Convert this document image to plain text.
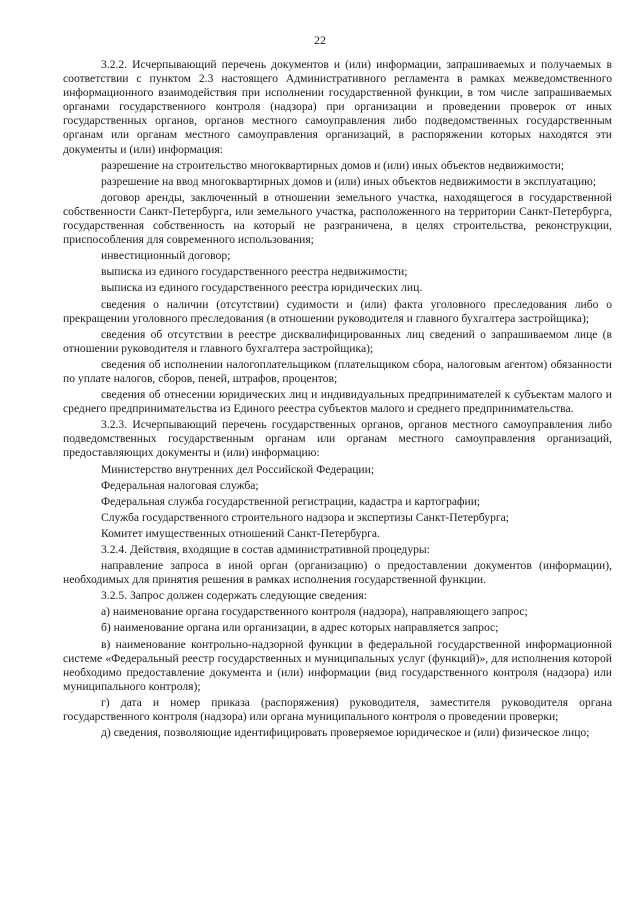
22

3.2.2. Исчерпывающий перечень документов и (или) информации, запрашиваемых и получаемых в соответствии с пунктом 2.3 настоящего Административного регламента в рамках межведомственного информационного взаимодействия при исполнении государственной функции, в том числе запрашиваемых органами государственного контроля (надзора) при организации и проведении проверок от иных государственных органов, органов местного самоуправления либо подведомственных государственным органам или органам местного самоуправления организаций, в распоряжении которых находятся эти документы и (или) информация:

разрешение на строительство многоквартирных домов и (или) иных объектов недвижимости;

разрешение на ввод многоквартирных домов и (или) иных объектов недвижимости в эксплуатацию;

договор аренды, заключенный в отношении земельного участка, находящегося в государственной собственности Санкт-Петербурга, или земельного участка, расположенного на территории Санкт-Петербурга, государственная собственность на который не разграничена, в целях строительства, реконструкции, приспособления для современного использования;

инвестиционный договор;

выписка из единого государственного реестра недвижимости;

выписка из единого государственного реестра юридических лиц.

сведения о наличии (отсутствии) судимости и (или) факта уголовного преследования либо о прекращении уголовного преследования (в отношении руководителя и главного бухгалтера застройщика);

сведения об отсутствии в реестре дисквалифицированных лиц сведений о запрашиваемом лице (в отношении руководителя и главного бухгалтера застройщика);

сведения об исполнении налогоплательщиком (плательщиком сбора, налоговым агентом) обязанности по уплате налогов, сборов, пеней, штрафов, процентов;

сведения об отнесении юридических лиц и индивидуальных предпринимателей к субъектам малого и среднего предпринимательства из Единого реестра субъектов малого и среднего предпринимательства.

3.2.3. Исчерпывающий перечень государственных органов, органов местного самоуправления либо подведомственных государственным органам или органам местного самоуправления организаций, предоставляющих документы и (или) информацию:

Министерство внутренних дел Российской Федерации;

Федеральная налоговая служба;

Федеральная служба государственной регистрации, кадастра и картографии;

Служба государственного строительного надзора и экспертизы Санкт-Петербурга;

Комитет имущественных отношений Санкт-Петербурга.

3.2.4. Действия, входящие в состав административной процедуры:

направление запроса в иной орган (организацию) о предоставлении документов (информации), необходимых для принятия решения в рамках исполнения государственной функции.

3.2.5. Запрос должен содержать следующие сведения:

а) наименование органа государственного контроля (надзора), направляющего запрос;

б) наименование органа или организации, в адрес которых направляется запрос;

в) наименование контрольно-надзорной функции в федеральной государственной информационной системе «Федеральный реестр государственных и муниципальных услуг (функций)», для исполнения которой необходимо предоставление документа и (или) информации (вид государственного контроля (надзора) или муниципального контроля);

г) дата и номер приказа (распоряжения) руководителя, заместителя руководителя органа государственного контроля (надзора) или органа муниципального контроля о проведении проверки;

д) сведения, позволяющие идентифицировать проверяемое юридическое и (или) физическое лицо;
